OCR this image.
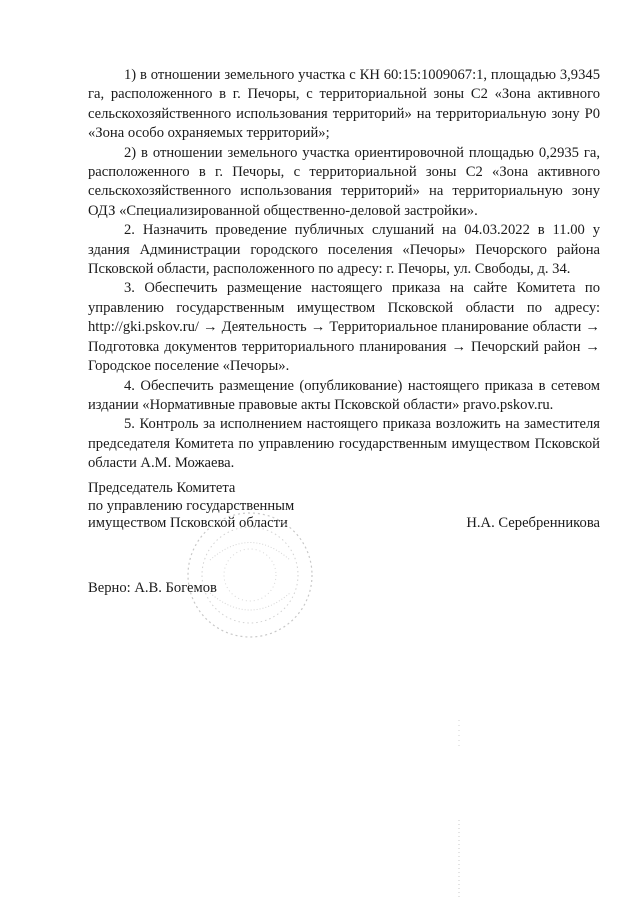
1) в отношении земельного участка с КН 60:15:1009067:1, площадью 3,9345 га, расположенного в г. Печоры, с территориальной зоны С2 «Зона активного сельскохозяйственного использования территорий» на территориальную зону Р0 «Зона особо охраняемых территорий»;

2) в отношении земельного участка ориентировочной площадью 0,2935 га, расположенного в г. Печоры, с территориальной зоны С2 «Зона активного сельскохозяйственного использования территорий» на территориальную зону ОДЗ «Специализированной общественно-деловой застройки».

2. Назначить проведение публичных слушаний на 04.03.2022 в 11.00 у здания Администрации городского поселения «Печоры» Печорского района Псковской области, расположенного по адресу: г. Печоры, ул. Свободы, д. 34.

3. Обеспечить размещение настоящего приказа на сайте Комитета по управлению государственным имуществом Псковской области по адресу: http://gki.pskov.ru/ → Деятельность → Территориальное планирование области → Подготовка документов территориального планирования → Печорский район → Городское поселение «Печоры».

4. Обеспечить размещение (опубликование) настоящего приказа в сетевом издании «Нормативные правовые акты Псковской области» pravo.pskov.ru.

5. Контроль за исполнением настоящего приказа возложить на заместителя председателя Комитета по управлению государственным имуществом Псковской области А.М. Можаева.

Председатель Комитета
по управлению государственным
имуществом Псковской области	Н.А. Серебренникова
Верно: А.В. Богемов
